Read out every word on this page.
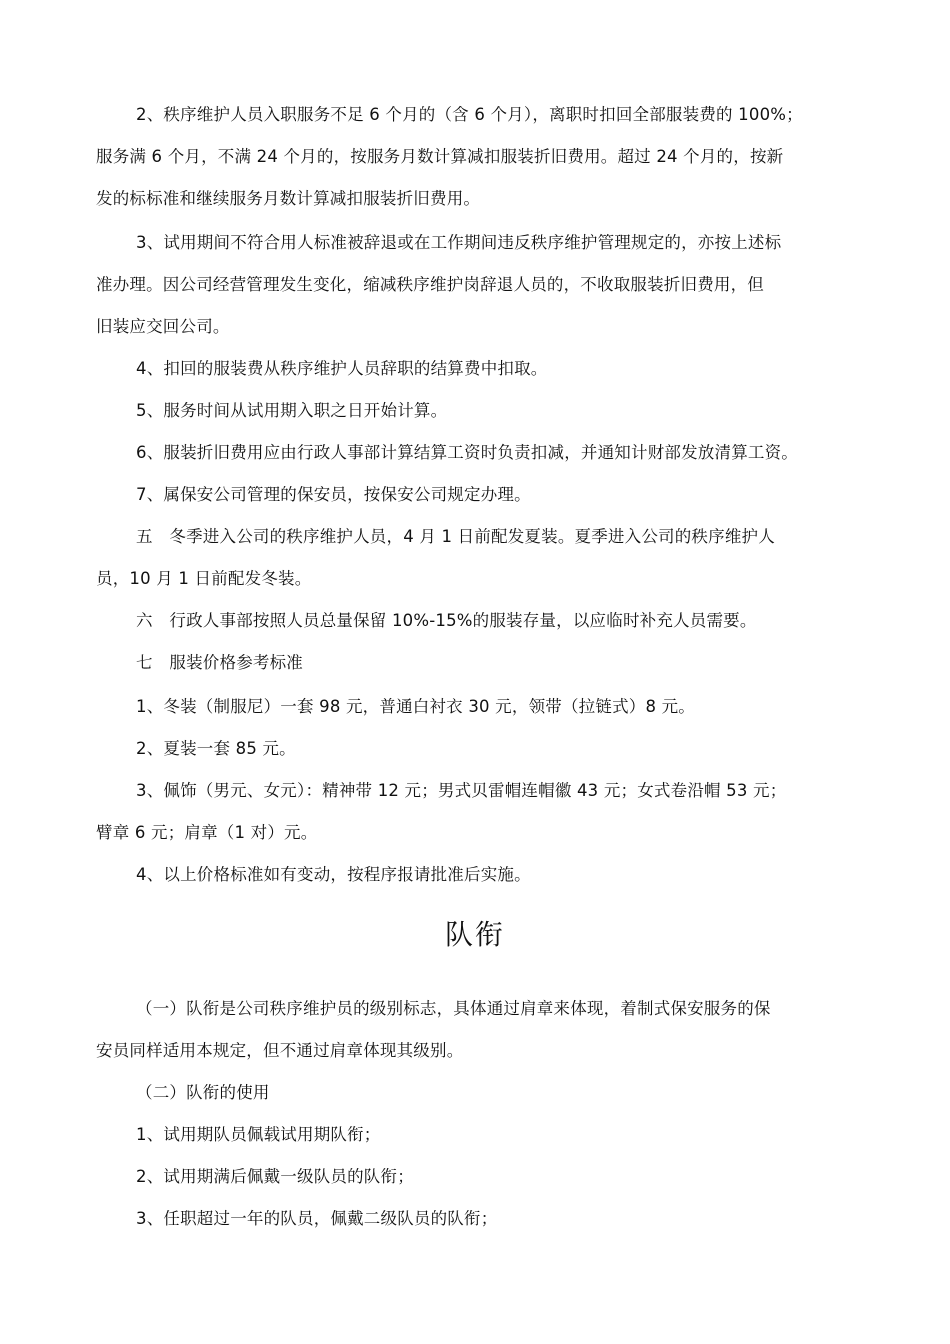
2、秩序维护人员入职服务不足 6 个月的（含 6 个月），离职时扣回全部服装费的 100%；

服务满 6 个月，不满 24 个月的，按服务月数计算减扣服装折旧费用。超过 24 个月的，按新

发的标标准和继续服务月数计算减扣服装折旧费用。

3、试用期间不符合用人标准被辞退或在工作期间违反秩序维护管理规定的，亦按上述标

准办理。因公司经营管理发生变化，缩减秩序维护岗辞退人员的，不收取服装折旧费用，但

旧装应交回公司。

4、扣回的服装费从秩序维护人员辞职的结算费中扣取。

5、服务时间从试用期入职之日开始计算。

6、服装折旧费用应由行政人事部计算结算工资时负责扣减，并通知计财部发放清算工资。

7、属保安公司管理的保安员，按保安公司规定办理。

五　冬季进入公司的秩序维护人员，4 月 1 日前配发夏装。夏季进入公司的秩序维护人

员，10 月 1 日前配发冬装。

六　行政人事部按照人员总量保留 10%-15%的服装存量，以应临时补充人员需要。

七　服装价格参考标准

1、冬装（制服尼）一套 98 元，普通白衬衣 30 元，领带（拉链式）8 元。

2、夏装一套 85 元。

3、佩饰（男元、女元）：精神带 12 元；男式贝雷帽连帽徽 43 元；女式卷沿帽 53 元；

臂章 6 元；肩章（1 对）元。

4、以上价格标准如有变动，按程序报请批准后实施。

队衔

（一）队衔是公司秩序维护员的级别标志，具体通过肩章来体现，着制式保安服务的保

安员同样适用本规定，但不通过肩章体现其级别。

（二）队衔的使用

1、试用期队员佩载试用期队衔；

2、试用期满后佩戴一级队员的队衔；

3、任职超过一年的队员，佩戴二级队员的队衔；
